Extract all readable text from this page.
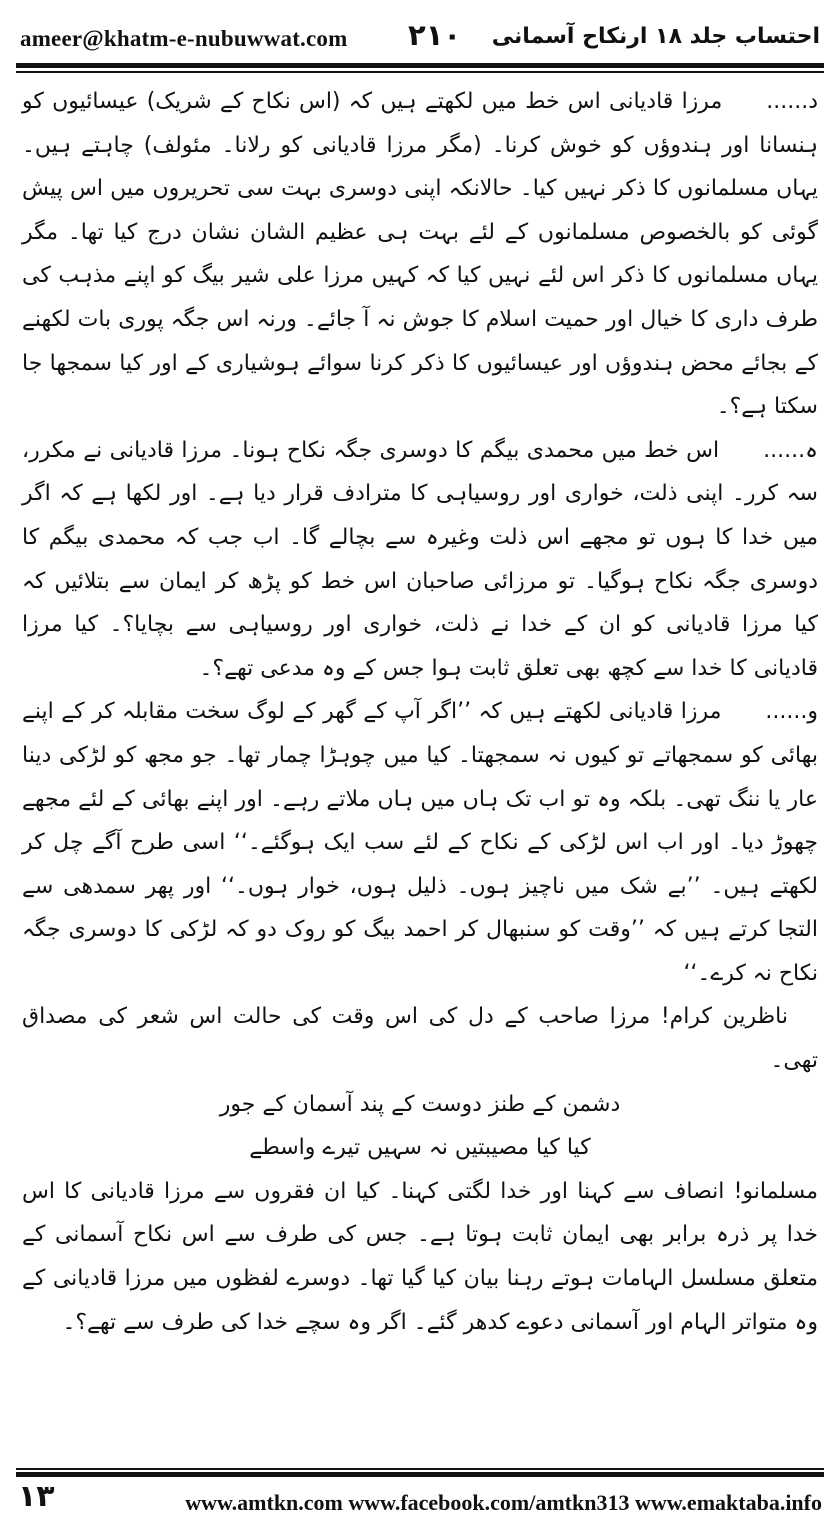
ameer@khatm-e-nubuwwat.com ۲۱۰ احتساب جلد ۱۸ ارنکاح آسمانی

د......مرزا قادیانی اس خط میں لکھتے ہیں کہ (اس نکاح کے شریک) عیسائیوں کو ہنسانا اور ہندوؤں کو خوش کرنا۔ (مگر مرزا قادیانی کو رلانا۔ مئولف) چاہتے ہیں۔ یہاں مسلمانوں کا ذکر نہیں کیا۔ حالانکہ اپنی دوسری بہت سی تحریروں میں اس پیش گوئی کو بالخصوص مسلمانوں کے لئے بہت ہی عظیم الشان نشان درج کیا تھا۔ مگر یہاں مسلمانوں کا ذکر اس لئے نہیں کیا کہ کہیں مرزا علی شیر بیگ کو اپنے مذہب کی طرف داری کا خیال اور حمیت اسلام کا جوش نہ آ جائے۔ ورنہ اس جگہ پوری بات لکھنے کے بجائے محض ہندوؤں اور عیسائیوں کا ذکر کرنا سوائے ہوشیاری کے اور کیا سمجھا جا سکتا ہے؟۔

ہ......اس خط میں محمدی بیگم کا دوسری جگہ نکاح ہونا۔ مرزا قادیانی نے مکرر، سہ کرر۔ اپنی ذلت، خواری اور روسیاہی کا مترادف قرار دیا ہے۔ اور لکھا ہے کہ اگر میں خدا کا ہوں تو مجھے اس ذلت وغیرہ سے بچالے گا۔ اب جب کہ محمدی بیگم کا دوسری جگہ نکاح ہوگیا۔ تو مرزائی صاحبان اس خط کو پڑھ کر ایمان سے بتلائیں کہ کیا مرزا قادیانی کو ان کے خدا نے ذلت، خواری اور روسیاہی سے بچایا؟۔ کیا مرزا قادیانی کا خدا سے کچھ بھی تعلق ثابت ہوا جس کے وہ مدعی تھے؟۔

و......مرزا قادیانی لکھتے ہیں کہ ’’اگر آپ کے گھر کے لوگ سخت مقابلہ کر کے اپنے بھائی کو سمجھاتے تو کیوں نہ سمجھتا۔ کیا میں چوہڑا چمار تھا۔ جو مجھ کو لڑکی دینا عار یا ننگ تھی۔ بلکہ وہ تو اب تک ہاں میں ہاں ملاتے رہے۔ اور اپنے بھائی کے لئے مجھے چھوڑ دیا۔ اور اب اس لڑکی کے نکاح کے لئے سب ایک ہوگئے۔‘‘ اسی طرح آگے چل کر لکھتے ہیں۔ ’’بے شک میں ناچیز ہوں۔ ذلیل ہوں، خوار ہوں۔‘‘ اور پھر سمدھی سے التجا کرتے ہیں کہ ’’وقت کو سنبھال کر احمد بیگ کو روک دو کہ لڑکی کا دوسری جگہ نکاح نہ کرے۔‘‘

ناظرین کرام! مرزا صاحب کے دل کی اس وقت کی حالت اس شعر کی مصداق تھی۔

دشمن کے طنز دوست کے پند آسمان کے جور

کیا کیا مصیبتیں نہ سہیں تیرے واسطے

مسلمانو! انصاف سے کہنا اور خدا لگتی کہنا۔ کیا ان فقروں سے مرزا قادیانی کا اس خدا پر ذرہ برابر بھی ایمان ثابت ہوتا ہے۔ جس کی طرف سے اس نکاح آسمانی کے متعلق مسلسل الہامات ہوتے رہنا بیان کیا گیا تھا۔ دوسرے لفظوں میں مرزا قادیانی کے وہ متواتر الہام اور آسمانی دعوے کدھر گئے۔ اگر وہ سچے خدا کی طرف سے تھے؟۔

۱۳	www.amtkn.com www.facebook.com/amtkn313 www.emaktaba.info
